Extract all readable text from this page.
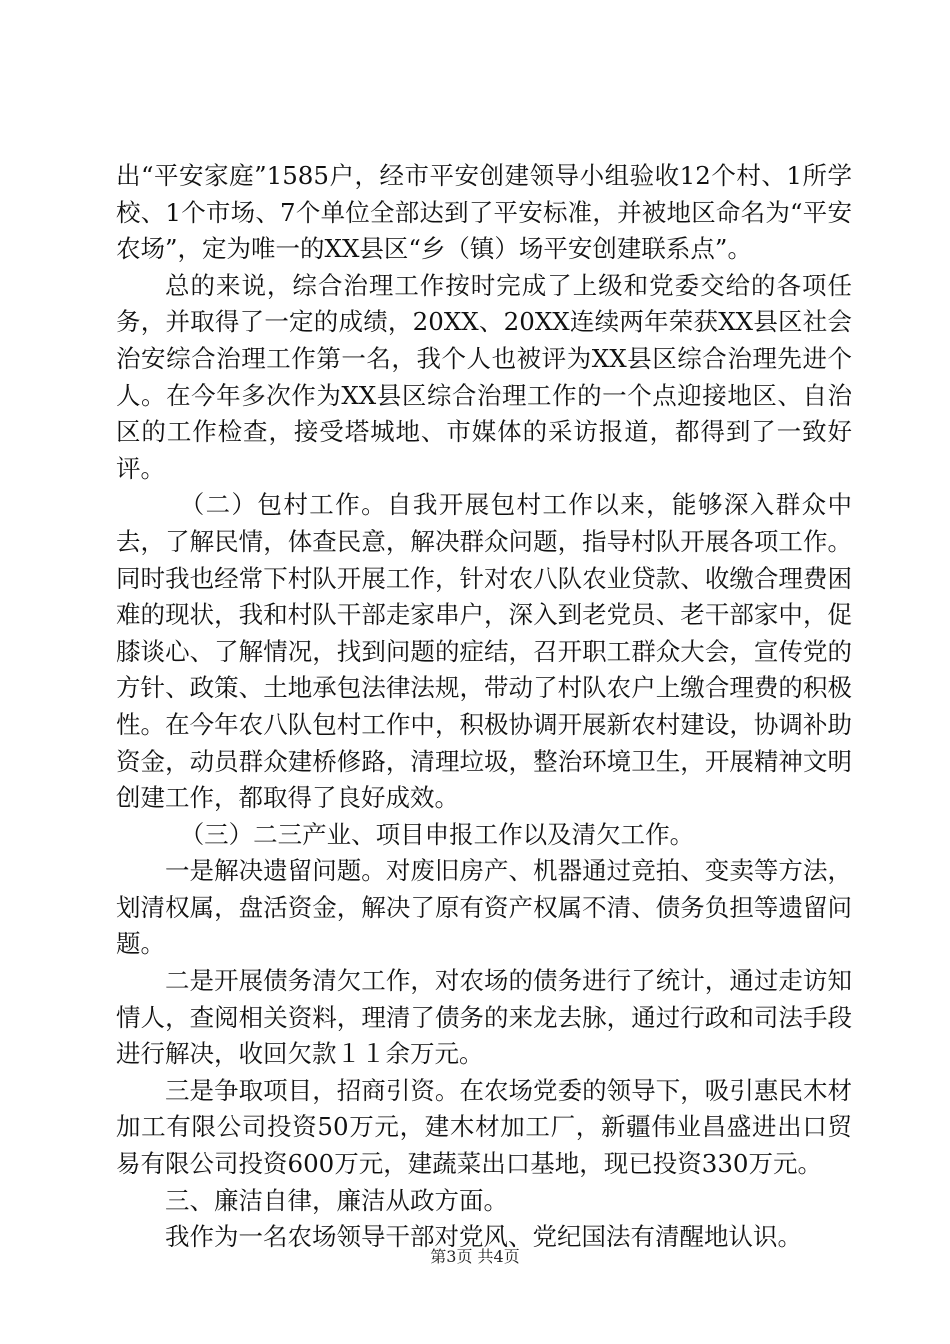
出“平安家庭”1585户，经市平安创建领导小组验收12个村、1所学校、1个市场、7个单位全部达到了平安标准，并被地区命名为“平安农场”，定为唯一的XX县区“乡（镇）场平安创建联系点”。

总的来说，综合治理工作按时完成了上级和党委交给的各项任务，并取得了一定的成绩，20XX、20XX连续两年荣获XX县区社会治安综合治理工作第一名，我个人也被评为XX县区综合治理先进个人。在今年多次作为XX县区综合治理工作的一个点迎接地区、自治区的工作检查，接受塔城地、市媒体的采访报道，都得到了一致好评。

（二）包村工作。自我开展包村工作以来，能够深入群众中去，了解民情，体查民意，解决群众问题，指导村队开展各项工作。同时我也经常下村队开展工作，针对农八队农业贷款、收缴合理费困难的现状，我和村队干部走家串户，深入到老党员、老干部家中，促膝谈心、了解情况，找到问题的症结，召开职工群众大会，宣传党的方针、政策、土地承包法律法规，带动了村队农户上缴合理费的积极性。在今年农八队包村工作中，积极协调开展新农村建设，协调补助资金，动员群众建桥修路，清理垃圾，整治环境卫生，开展精神文明创建工作，都取得了良好成效。

（三）二三产业、项目申报工作以及清欠工作。

一是解决遗留问题。对废旧房产、机器通过竞拍、变卖等方法，划清权属，盘活资金，解决了原有资产权属不清、债务负担等遗留问题。

二是开展债务清欠工作，对农场的债务进行了统计，通过走访知情人，查阅相关资料，理清了债务的来龙去脉，通过行政和司法手段进行解决，收回欠款１１余万元。

三是争取项目，招商引资。在农场党委的领导下，吸引惠民木材加工有限公司投资50万元，建木材加工厂，新疆伟业昌盛进出口贸易有限公司投资600万元，建蔬菜出口基地，现已投资330万元。

三、廉洁自律，廉洁从政方面。

我作为一名农场领导干部对党风、党纪国法有清醒地认识。

第3页 共4页
